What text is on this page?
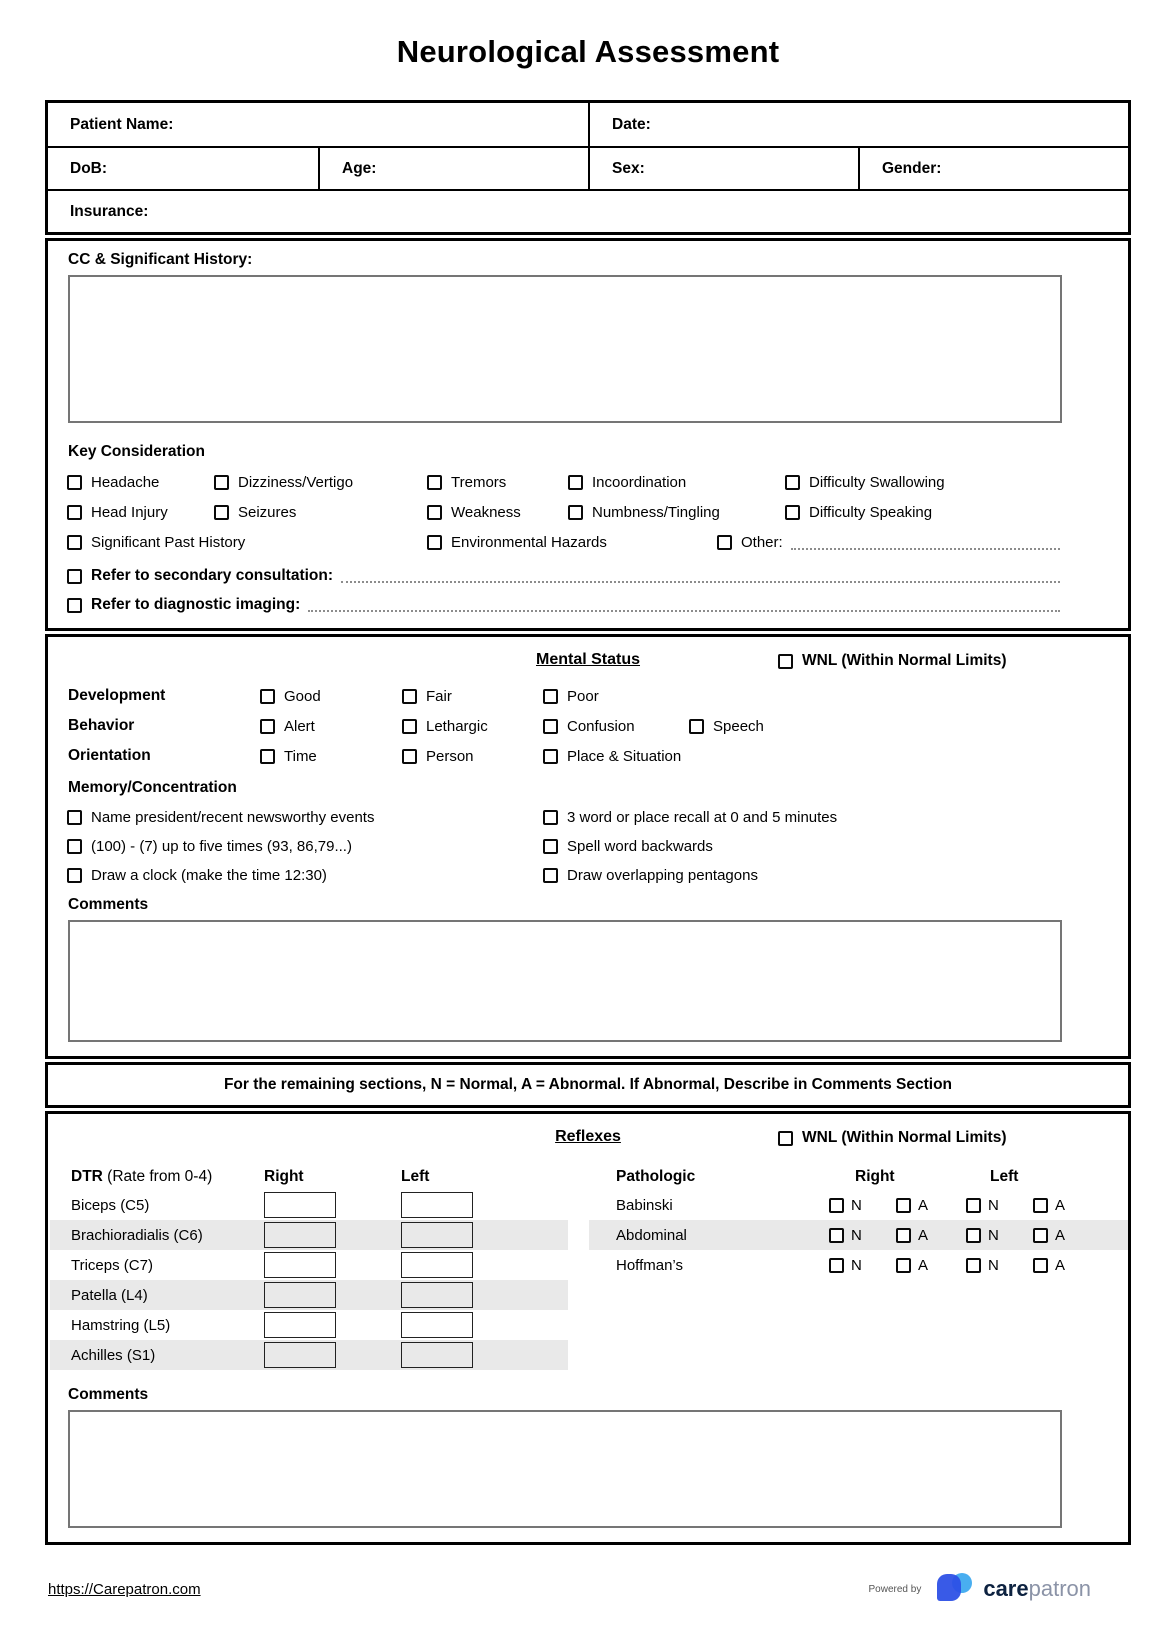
Neurological Assessment
Patient Name:	Date:
DoB:	Age:	Sex:	Gender:
Insurance:
CC & Significant History:
Key Consideration
Headache	Dizziness/Vertigo	Tremors	Incoordination	Difficulty Swallowing
Head Injury	Seizures	Weakness	Numbness/Tingling	Difficulty Speaking
Significant Past History	Environmental Hazards	Other:
Refer to secondary consultation:
Refer to diagnostic imaging:
Mental Status	WNL (Within Normal Limits)
Development	Good	Fair	Poor
Behavior	Alert	Lethargic	Confusion	Speech
Orientation	Time	Person	Place & Situation
Memory/Concentration
Name president/recent newsworthy events	3 word or place recall at 0 and 5 minutes
(100) - (7) up to five times (93, 86,79...)	Spell word backwards
Draw a clock (make the time 12:30)	Draw overlapping pentagons
Comments
For the remaining sections, N = Normal, A = Abnormal. If Abnormal, Describe in Comments Section
Reflexes	WNL (Within Normal Limits)
DTR (Rate from 0-4)	Right	Left
Biceps (C5)
Brachioradialis (C6)
Triceps (C7)
Patella (L4)
Hamstring (L5)
Achilles (S1)
Pathologic	Right	Left
Babinski	N	A	N	A
Abdominal	N	A	N	A
Hoffman’s	N	A	N	A
Comments
https://Carepatron.com	Powered by	carepatron
